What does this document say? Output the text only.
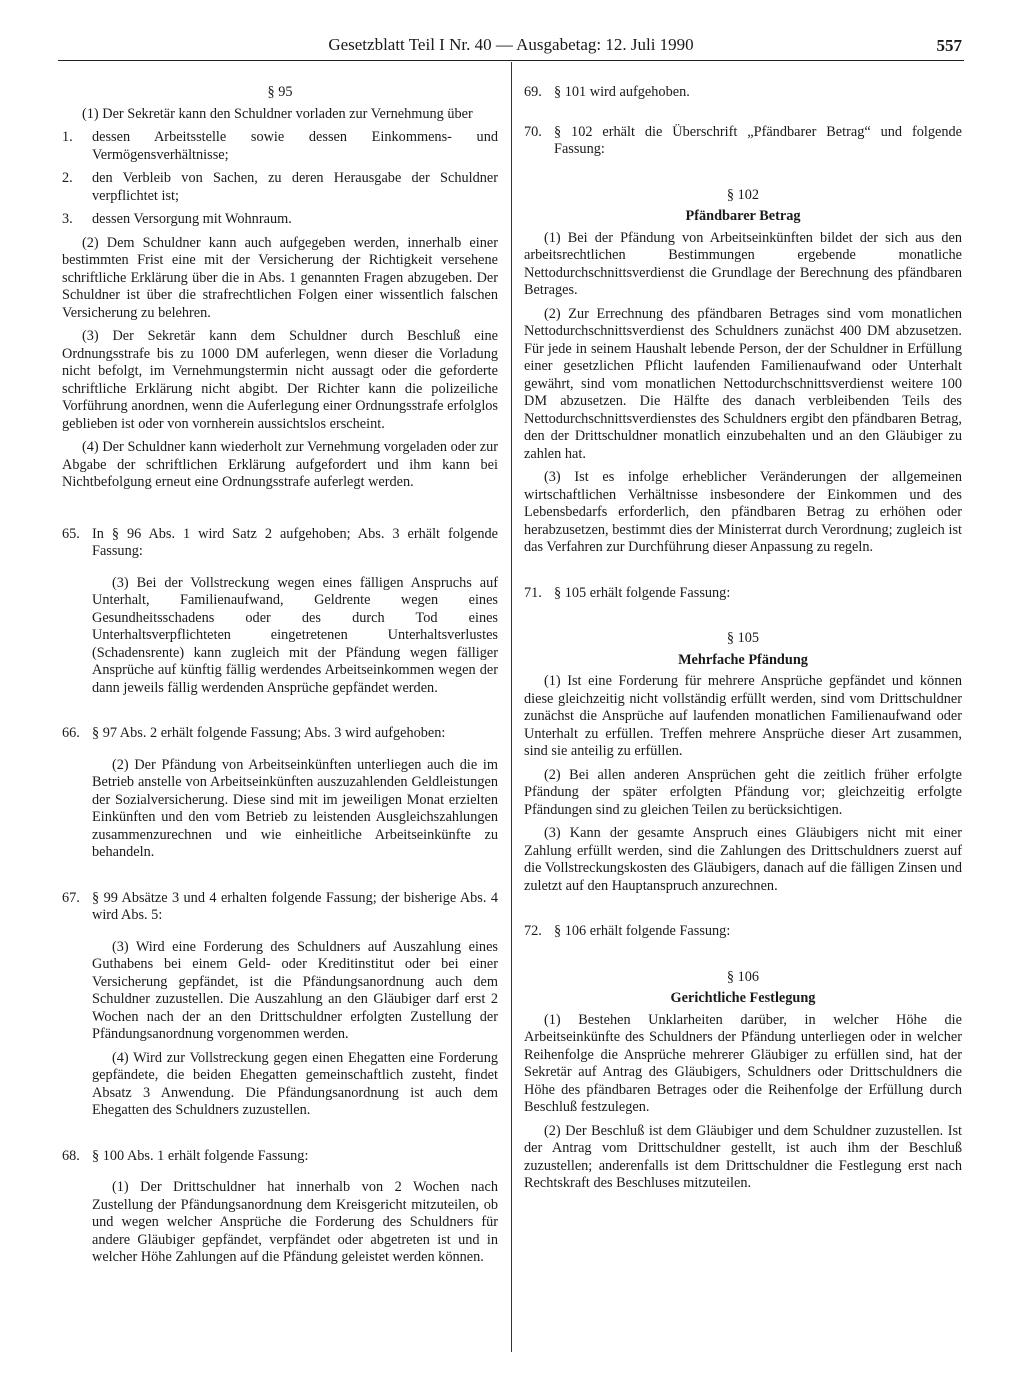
Gesetzblatt Teil I Nr. 40 — Ausgabetag: 12. Juli 1990	557
§ 95
(1) Der Sekretär kann den Schuldner vorladen zur Vernehmung über
1.	dessen Arbeitsstelle sowie dessen Einkommens- und Vermögensverhältnisse;
2.	den Verbleib von Sachen, zu deren Herausgabe der Schuldner verpflichtet ist;
3.	dessen Versorgung mit Wohnraum.
(2) Dem Schuldner kann auch aufgegeben werden, innerhalb einer bestimmten Frist eine mit der Versicherung der Richtigkeit versehene schriftliche Erklärung über die in Abs. 1 genannten Fragen abzugeben. Der Schuldner ist über die strafrechtlichen Folgen einer wissentlich falschen Versicherung zu belehren.
(3) Der Sekretär kann dem Schuldner durch Beschluß eine Ordnungsstrafe bis zu 1000 DM auferlegen, wenn dieser die Vorladung nicht befolgt, im Vernehmungstermin nicht aussagt oder die geforderte schriftliche Erklärung nicht abgibt. Der Richter kann die polizeiliche Vorführung anordnen, wenn die Auferlegung einer Ordnungsstrafe erfolglos geblieben ist oder von vornherein aussichtslos erscheint.
(4) Der Schuldner kann wiederholt zur Vernehmung vorgeladen oder zur Abgabe der schriftlichen Erklärung aufgefordert und ihm kann bei Nichtbefolgung erneut eine Ordnungsstrafe auferlegt werden.
65. In § 96 Abs. 1 wird Satz 2 aufgehoben; Abs. 3 erhält folgende Fassung:
(3) Bei der Vollstreckung wegen eines fälligen Anspruchs auf Unterhalt, Familienaufwand, Geldrente wegen eines Gesundheitsschadens oder des durch Tod eines Unterhaltsverpflichteten eingetretenen Unterhaltsverlustes (Schadensrente) kann zugleich mit der Pfändung wegen fälliger Ansprüche auf künftig fällig werdendes Arbeitseinkommen wegen der dann jeweils fällig werdenden Ansprüche gepfändet werden.
66. § 97 Abs. 2 erhält folgende Fassung; Abs. 3 wird aufgehoben:
(2) Der Pfändung von Arbeitseinkünften unterliegen auch die im Betrieb anstelle von Arbeitseinkünften auszuzahlenden Geldleistungen der Sozialversicherung. Diese sind mit im jeweiligen Monat erzielten Einkünften und den vom Betrieb zu leistenden Ausgleichszahlungen zusammenzurechnen und wie einheitliche Arbeitseinkünfte zu behandeln.
67. § 99 Absätze 3 und 4 erhalten folgende Fassung; der bisherige Abs. 4 wird Abs. 5:
(3) Wird eine Forderung des Schuldners auf Auszahlung eines Guthabens bei einem Geld- oder Kreditinstitut oder bei einer Versicherung gepfändet, ist die Pfändungsanordnung auch dem Schuldner zuzustellen. Die Auszahlung an den Gläubiger darf erst 2 Wochen nach der an den Drittschuldner erfolgten Zustellung der Pfändungsanordnung vorgenommen werden.
(4) Wird zur Vollstreckung gegen einen Ehegatten eine Forderung gepfändete, die beiden Ehegatten gemeinschaftlich zusteht, findet Absatz 3 Anwendung. Die Pfändungsanordnung ist auch dem Ehegatten des Schuldners zuzustellen.
68. § 100 Abs. 1 erhält folgende Fassung:
(1) Der Drittschuldner hat innerhalb von 2 Wochen nach Zustellung der Pfändungsanordnung dem Kreisgericht mitzuteilen, ob und wegen welcher Ansprüche die Forderung des Schuldners für andere Gläubiger gepfändet, verpfändet oder abgetreten ist und in welcher Höhe Zahlungen auf die Pfändung geleistet werden können.
69. § 101 wird aufgehoben.
70. § 102 erhält die Überschrift „Pfändbarer Betrag“ und folgende Fassung:
§ 102
Pfändbarer Betrag
(1) Bei der Pfändung von Arbeitseinkünften bildet der sich aus den arbeitsrechtlichen Bestimmungen ergebende monatliche Nettodurchschnittsverdienst die Grundlage der Berechnung des pfändbaren Betrages.
(2) Zur Errechnung des pfändbaren Betrages sind vom monatlichen Nettodurchschnittsverdienst des Schuldners zunächst 400 DM abzusetzen. Für jede in seinem Haushalt lebende Person, der der Schuldner in Erfüllung einer gesetzlichen Pflicht laufenden Familienaufwand oder Unterhalt gewährt, sind vom monatlichen Nettodurchschnittsverdienst weitere 100 DM abzusetzen. Die Hälfte des danach verbleibenden Teils des Nettodurchschnittsverdienstes des Schuldners ergibt den pfändbaren Betrag, den der Drittschuldner monatlich einzubehalten und an den Gläubiger zu zahlen hat.
(3) Ist es infolge erheblicher Veränderungen der allgemeinen wirtschaftlichen Verhältnisse insbesondere der Einkommen und des Lebensbedarfs erforderlich, den pfändbaren Betrag zu erhöhen oder herabzusetzen, bestimmt dies der Ministerrat durch Verordnung; zugleich ist das Verfahren zur Durchführung dieser Anpassung zu regeln.
71. § 105 erhält folgende Fassung:
§ 105
Mehrfache Pfändung
(1) Ist eine Forderung für mehrere Ansprüche gepfändet und können diese gleichzeitig nicht vollständig erfüllt werden, sind vom Drittschuldner zunächst die Ansprüche auf laufenden monatlichen Familienaufwand oder Unterhalt zu erfüllen. Treffen mehrere Ansprüche dieser Art zusammen, sind sie anteilig zu erfüllen.
(2) Bei allen anderen Ansprüchen geht die zeitlich früher erfolgte Pfändung der später erfolgten Pfändung vor; gleichzeitig erfolgte Pfändungen sind zu gleichen Teilen zu berücksichtigen.
(3) Kann der gesamte Anspruch eines Gläubigers nicht mit einer Zahlung erfüllt werden, sind die Zahlungen des Drittschuldners zuerst auf die Vollstreckungskosten des Gläubigers, danach auf die fälligen Zinsen und zuletzt auf den Hauptanspruch anzurechnen.
72. § 106 erhält folgende Fassung:
§ 106
Gerichtliche Festlegung
(1) Bestehen Unklarheiten darüber, in welcher Höhe die Arbeitseinkünfte des Schuldners der Pfändung unterliegen oder in welcher Reihenfolge die Ansprüche mehrerer Gläubiger zu erfüllen sind, hat der Sekretär auf Antrag des Gläubigers, Schuldners oder Drittschuldners die Höhe des pfändbaren Betrages oder die Reihenfolge der Erfüllung durch Beschluß festzulegen.
(2) Der Beschluß ist dem Gläubiger und dem Schuldner zuzustellen. Ist der Antrag vom Drittschuldner gestellt, ist auch ihm der Beschluß zuzustellen; anderenfalls ist dem Drittschuldner die Festlegung erst nach Rechtskraft des Beschluses mitzuteilen.
